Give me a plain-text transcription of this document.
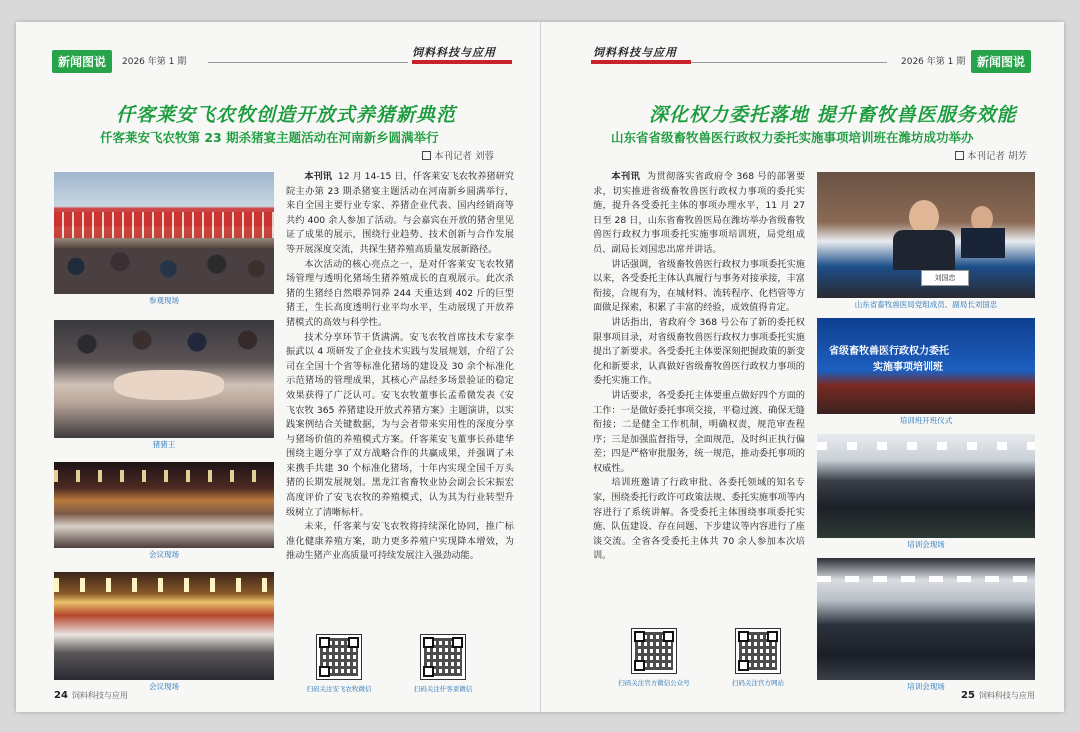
新闻图说	2026 年第 1 期
饲料科技与应用
仟客莱安飞农牧创造开放式养猪新典范
仟客莱安飞农牧第 23 期杀猪宴主题活动在河南新乡圆满举行
本刊记者 刘蓉
参观现场
猪猪王
会议现场
会议现场

本刊讯 12 月 14-15 日，仟客莱安飞农牧养猪研究院主办第 23 期杀猪宴主题活动在河南新乡圆满举行，来自全国主要行业专家、养猪企业代表、国内经销商等共约 400 余人参加了活动。与会嘉宾在开放的猪舍里见证了成果的展示，围绕行业趋势、技术创新与合作发展等开展深度交流，共探生猪养殖高质量发展新路径。

本次活动的核心亮点之一，是对仟客莱安飞农牧猪场管理与透明化猪场生猪养殖成长的直观展示。此次杀猪的生猪经自然喂养饲养 244 天重达到 402 斤的巨型猪王，生长高度透明行业平均水平，生动展现了开放养猪模式的高效与科学性。

技术分享环节干货满满。安飞农牧首席技术专家李振武以 4 项研发了企业技术实践与发展规划，介绍了公司在全国十个省等标准化猪场的建设及 30 余个标准化示范猪场的管理成果，其核心产品经多场景验证的稳定效果获得了广泛认可。安飞农牧董事长孟希微发表《安飞农牧 365 养猪建设开放式养猪方案》主题演讲，以实践案例结合关键数据，为与会者带来实用性的深度分享与猪场价值的养殖模式方案。仟客莱安飞董事长孙建华围绕主题分享了双方战略合作的共赢成果，并强调了未来携手共建 30 个标准化猪场，十年内实现全国千万头猪的长期发展规划。黑龙江省畜牧业协会副会长宋振宏高度评价了安飞农牧的养殖模式，认为其为行业转型升级树立了清晰标杆。

未来，仟客莱与安飞农牧将持续深化协同，推广标准化健康养殖方案，助力更多养殖户实现降本增效，为推动生猪产业高质量可持续发展注入强劲动能。

扫码关注安飞农牧微信	扫码关注仟客莱微信
24 饲料科技与应用
饲料科技与应用
2026 年第 1 期 新闻图说
深化权力委托落地 提升畜牧兽医服务效能
山东省省级畜牧兽医行政权力委托实施事项培训班在潍坊成功举办
本刊记者 胡芳

本刊讯 为贯彻落实省政府令 368 号的部署要求，切实推进省级畜牧兽医行政权力事项的委托实施，提升各受委托主体的事项办理水平，11 月 27 日至 28 日，山东省畜牧兽医局在潍坊举办省级畜牧兽医行政权力事项委托实施事项培训班，局党组成员、副局长刘国忠出席并讲话。

讲话强调，省级畜牧兽医行政权力事项委托实施以来，各受委托主体认真履行与事务对接承接，丰富衔接，合规有为，在城材料、流转程序、化档管等方面做足探索，积累了丰富的经验，成效值得肯定。

讲话指出，省政府令 368 号公布了新的委托权限事项目录，对省级畜牧兽医行政权力事项委托实施提出了新要求。各受委托主体要深刻把握政策的新变化和新要求，认真做好省级畜牧兽医行政权力事项的委托实施工作。

讲话要求，各受委托主体要重点做好四个方面的工作：一是做好委托事项交接，平稳过渡、确保无缝衔接；二是健全工作机制，明确权责，规范审查程序；三是加强监督指导，全面规范，及时纠正执行偏差；四是严格审批服务，统一规范，推动委托事项的权威性。

培训班邀请了行政审批、各委托领域的知名专家，围绕委托行政许可政策法规、委托实施事项等内容进行了系统讲解。各受委托主体围绕事项委托实施、队伍建设、存在问题、下步建议等内容进行了座谈交流。全省各受委托主体共 70 余人参加本次培训。

刘国忠
山东省畜牧兽医局党组成员、副局长刘国忠
省级畜牧兽医行政权力委托
实施事项培训班
培训班开班仪式
培训会现场
培训会现场
扫码关注官方微信公众号	扫码关注官方网站
25 饲料科技与应用
